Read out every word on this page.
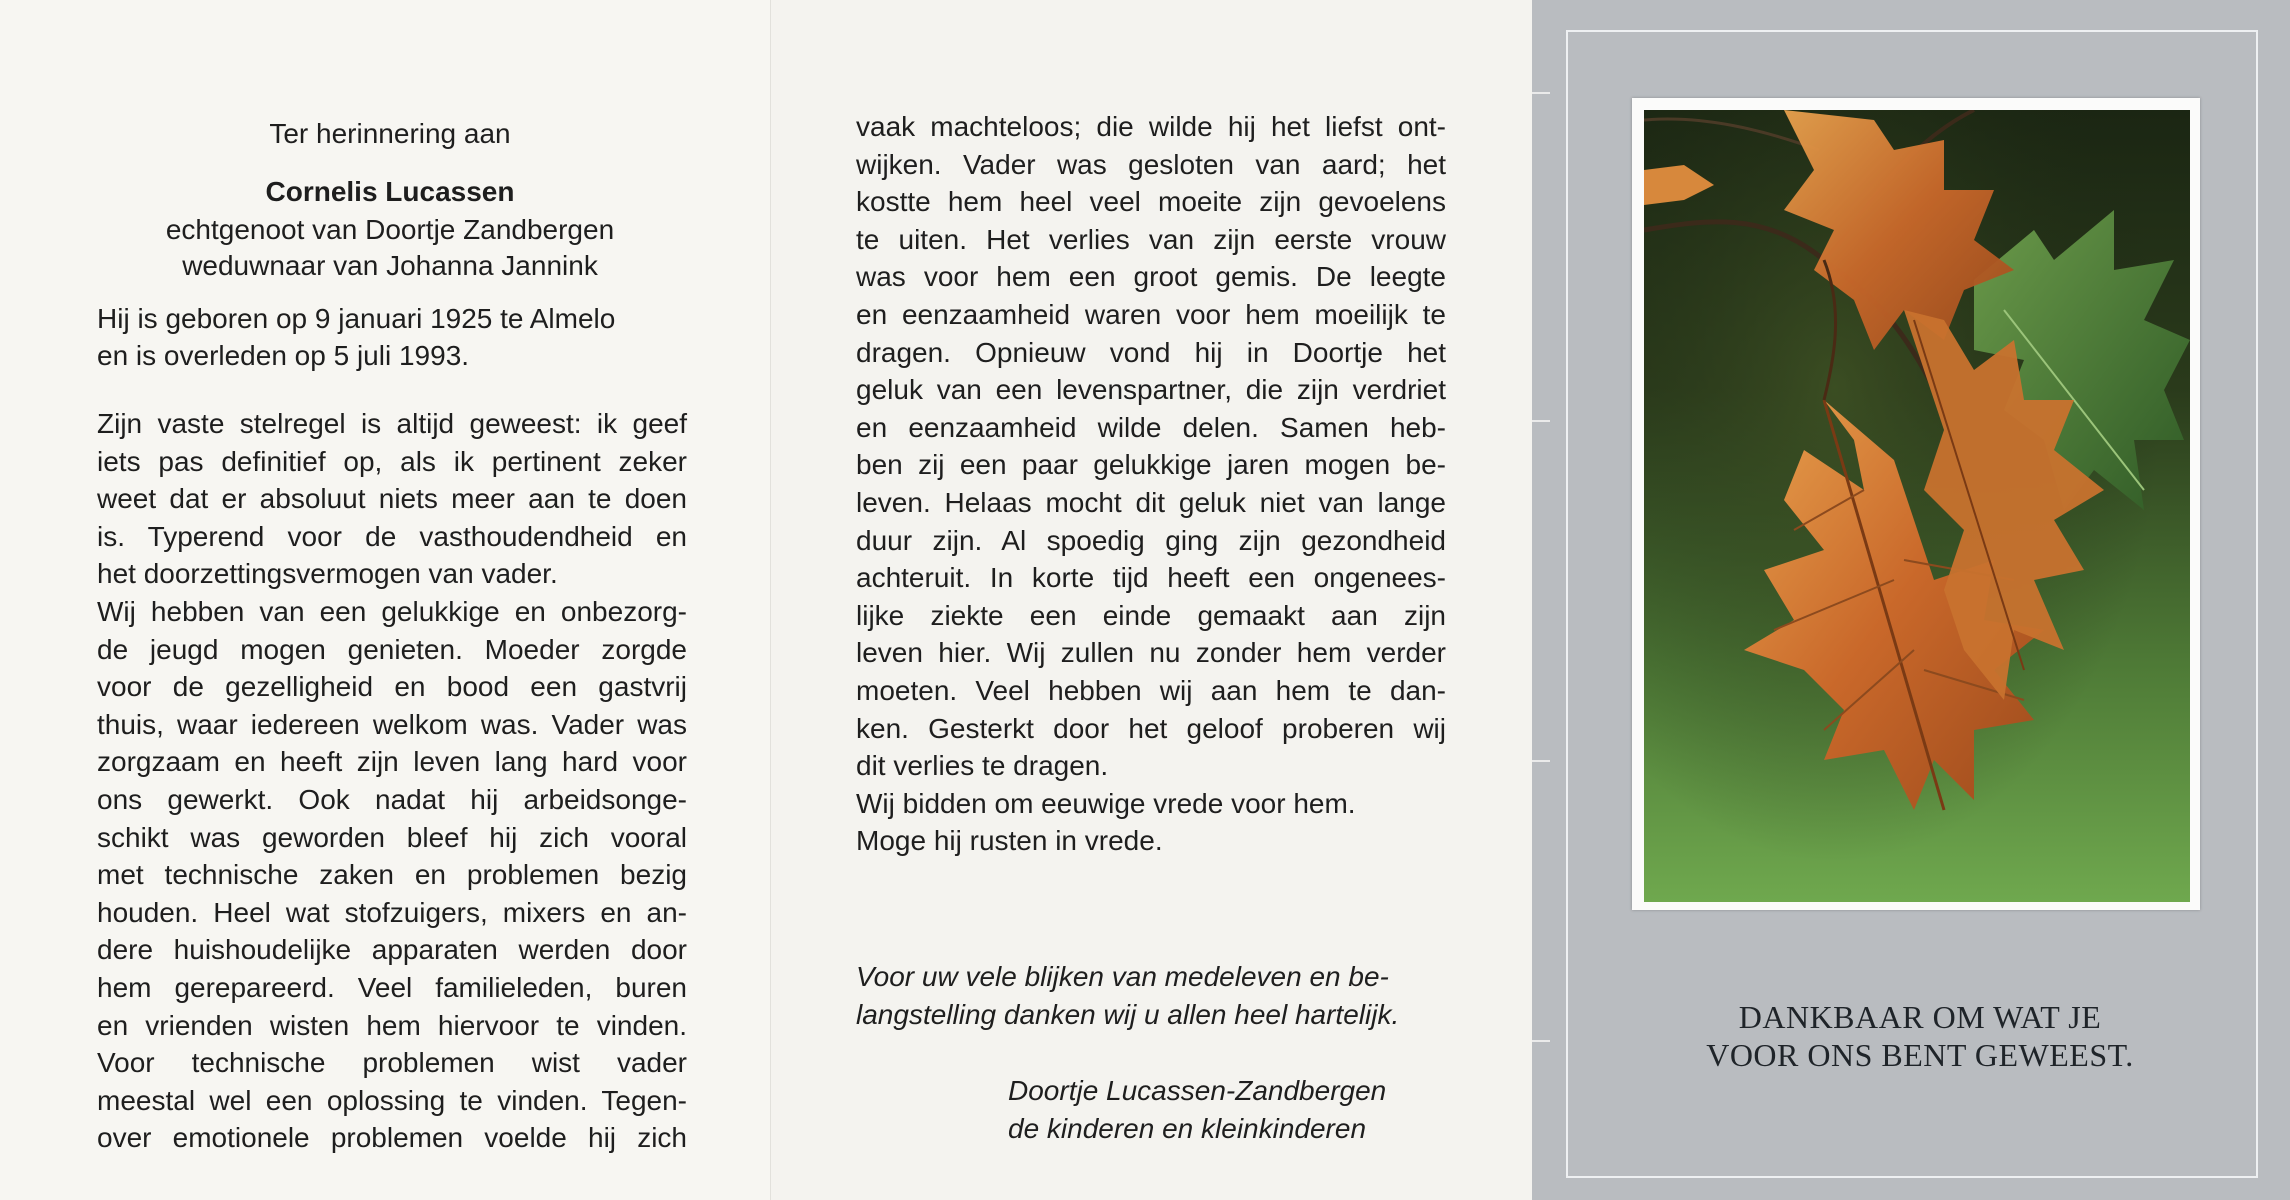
Ter herinnering aan
Cornelis Lucassen
echtgenoot van Doortje Zandbergen
weduwnaar van Johanna Jannink
Hij is geboren op 9 januari 1925 te Almelo
en is overleden op 5 juli 1993.
Zijn vaste stelregel is altijd geweest: ik geef
iets pas definitief op, als ik pertinent zeker
weet dat er absoluut niets meer aan te doen
is. Typerend voor de vasthoudendheid en
het doorzettingsvermogen van vader.
Wij hebben van een gelukkige en onbezorg-
de jeugd mogen genieten. Moeder zorgde
voor de gezelligheid en bood een gastvrij
thuis, waar iedereen welkom was. Vader was
zorgzaam en heeft zijn leven lang hard voor
ons gewerkt. Ook nadat hij arbeidsonge-
schikt was geworden bleef hij zich vooral
met technische zaken en problemen bezig
houden. Heel wat stofzuigers, mixers en an-
dere huishoudelijke apparaten werden door
hem gerepareerd. Veel familieleden, buren
en vrienden wisten hem hiervoor te vinden.
Voor technische problemen wist vader
meestal wel een oplossing te vinden. Tegen-
over emotionele problemen voelde hij zich
vaak machteloos; die wilde hij het liefst ont-
wijken. Vader was gesloten van aard; het
kostte hem heel veel moeite zijn gevoelens
te uiten. Het verlies van zijn eerste vrouw
was voor hem een groot gemis. De leegte
en eenzaamheid waren voor hem moeilijk te
dragen. Opnieuw vond hij in Doortje het
geluk van een levenspartner, die zijn verdriet
en eenzaamheid wilde delen. Samen heb-
ben zij een paar gelukkige jaren mogen be-
leven. Helaas mocht dit geluk niet van lange
duur zijn. Al spoedig ging zijn gezondheid
achteruit. In korte tijd heeft een ongenees-
lijke ziekte een einde gemaakt aan zijn
leven hier. Wij zullen nu zonder hem verder
moeten. Veel hebben wij aan hem te dan-
ken. Gesterkt door het geloof proberen wij
dit verlies te dragen.
Wij bidden om eeuwige vrede voor hem.
Moge hij rusten in vrede.
Voor uw vele blijken van medeleven en be-
langstelling danken wij u allen heel hartelijk.
Doortje Lucassen-Zandbergen
de kinderen en kleinkinderen
DANKBAAR OM WAT JE
VOOR ONS BENT GEWEEST.
